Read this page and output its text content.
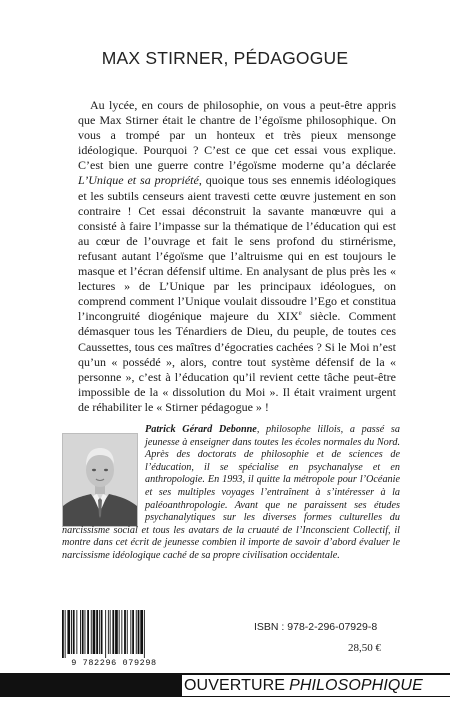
MAX STIRNER, PÉDAGOGUE

Au lycée, en cours de philosophie, on vous a peut-être appris que Max Stirner était le chantre de l’égoïsme philosophique. On vous a trompé par un honteux et très pieux mensonge idéologique. Pourquoi ? C’est ce que cet essai vous explique. C’est bien une guerre contre l’égoïsme moderne qu’a déclarée L’Unique et sa propriété, quoique tous ses ennemis idéologiques et les subtils censeurs aient travesti cette œuvre justement en son contraire ! Cet essai déconstruit la savante manœuvre qui a consisté à faire l’impasse sur la thématique de l’éducation qui est au cœur de l’ouvrage et fait le sens profond du stirnérisme, refusant autant l’égoïsme que l’altruisme qui en est toujours le masque et l’écran défensif ultime. En analysant de plus près les « lectures » de L’Unique par les principaux idéologues, on comprend comment l’Unique voulait dissoudre l’Ego et constitua l’incongruité diogénique majeure du XIXe siècle. Comment démasquer tous les Ténardiers de Dieu, du peuple, de toutes ces Caussettes, tous ces maîtres d’égocraties cachées ? Si le Moi n’est qu’un « possédé », alors, contre tout système défensif de la « personne », c’est à l’éducation qu’il revient cette tâche peut-être impossible de la « dissolution du Moi ». Il était vraiment urgent de réhabiliter le « Stirner pédagogue » !

Patrick Gérard Debonne, philosophe lillois, a passé sa jeunesse à enseigner dans toutes les écoles normales du Nord. Après des doctorats de philosophie et de sciences de l’éducation, il se spécialise en psychanalyse et en anthropologie. En 1993, il quitte la métropole pour l’Océanie et ses multiples voyages l’entraînent à s’intéresser à la paléoanthropologie. Avant que ne paraissent ses études psychanalytiques sur les diverses formes culturelles du narcissisme social et tous les avatars de la cruauté de l’Inconscient Collectif, il montre dans cet écrit de jeunesse combien il importe de savoir d’abord évaluer le narcissisme idéologique caché de sa propre civilisation occidentale.

9 782296 079298
ISBN : 978-2-296-07929-8
28,50 €
OUVERTURE PHILOSOPHIQUE
